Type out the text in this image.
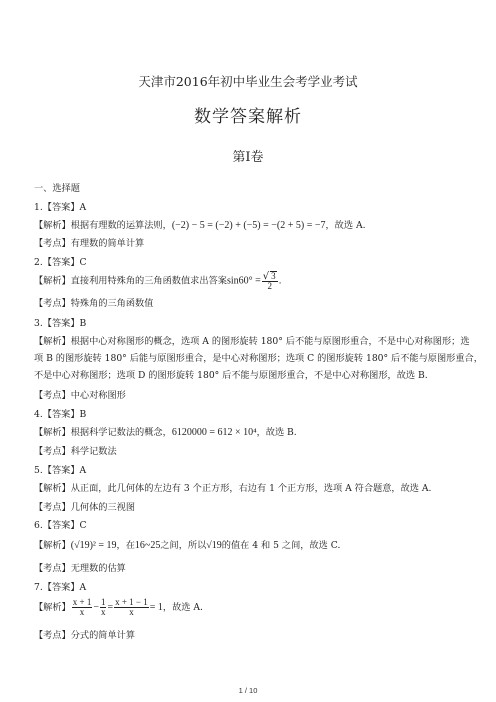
天津市2016年初中毕业生会考学业考试
数学答案解析
第Ⅰ卷
一、选择题
1.【答案】A
【解析】根据有理数的运算法则，(−2) − 5 = (−2) + (−5) = −(2 + 5) = −7，故选 A.
【考点】有理数的简单计算
2.【答案】C
【解析】直接利用特殊角的三角函数值求出答案$\sin 60^\circ = \frac{√ 3}{2}$ .
【考点】特殊角的三角函数值
3.【答案】B
【解析】根据中心对称图形的概念，选项 A 的图形旋转 180° 后不能与原图形重合，不是中心对称图形；选
项 B 的图形旋转 180° 后能与原图形重合，是中心对称图形；选项 C 的图形旋转 180° 后不能与原图形重合，
不是中心对称图形；选项 D 的图形旋转 180° 后不能与原图形重合，不是中心对称图形，故选 B.
【考点】中心对称图形
4.【答案】B
【解析】根据科学记数法的概念，6120000 = 612 × 10⁴，故选 B.
【考点】科学记数法
5.【答案】A
【解析】从正面，此几何体的左边有 3 个正方形，右边有 1 个正方形，选项 A 符合题意，故选 A.
【考点】几何体的三视图
6.【答案】C
【解析】(√19)² = 19，在16~25之间，所以√19的值在 4 和 5 之间，故选 C.
【考点】无理数的估算
7.【答案】A
【解析】 $\frac{x + 1}{x} - \frac{1}{x} = \frac{x + 1 - 1}{x} = 1$，故选 A.
【考点】分式的简单计算
1 / 10
